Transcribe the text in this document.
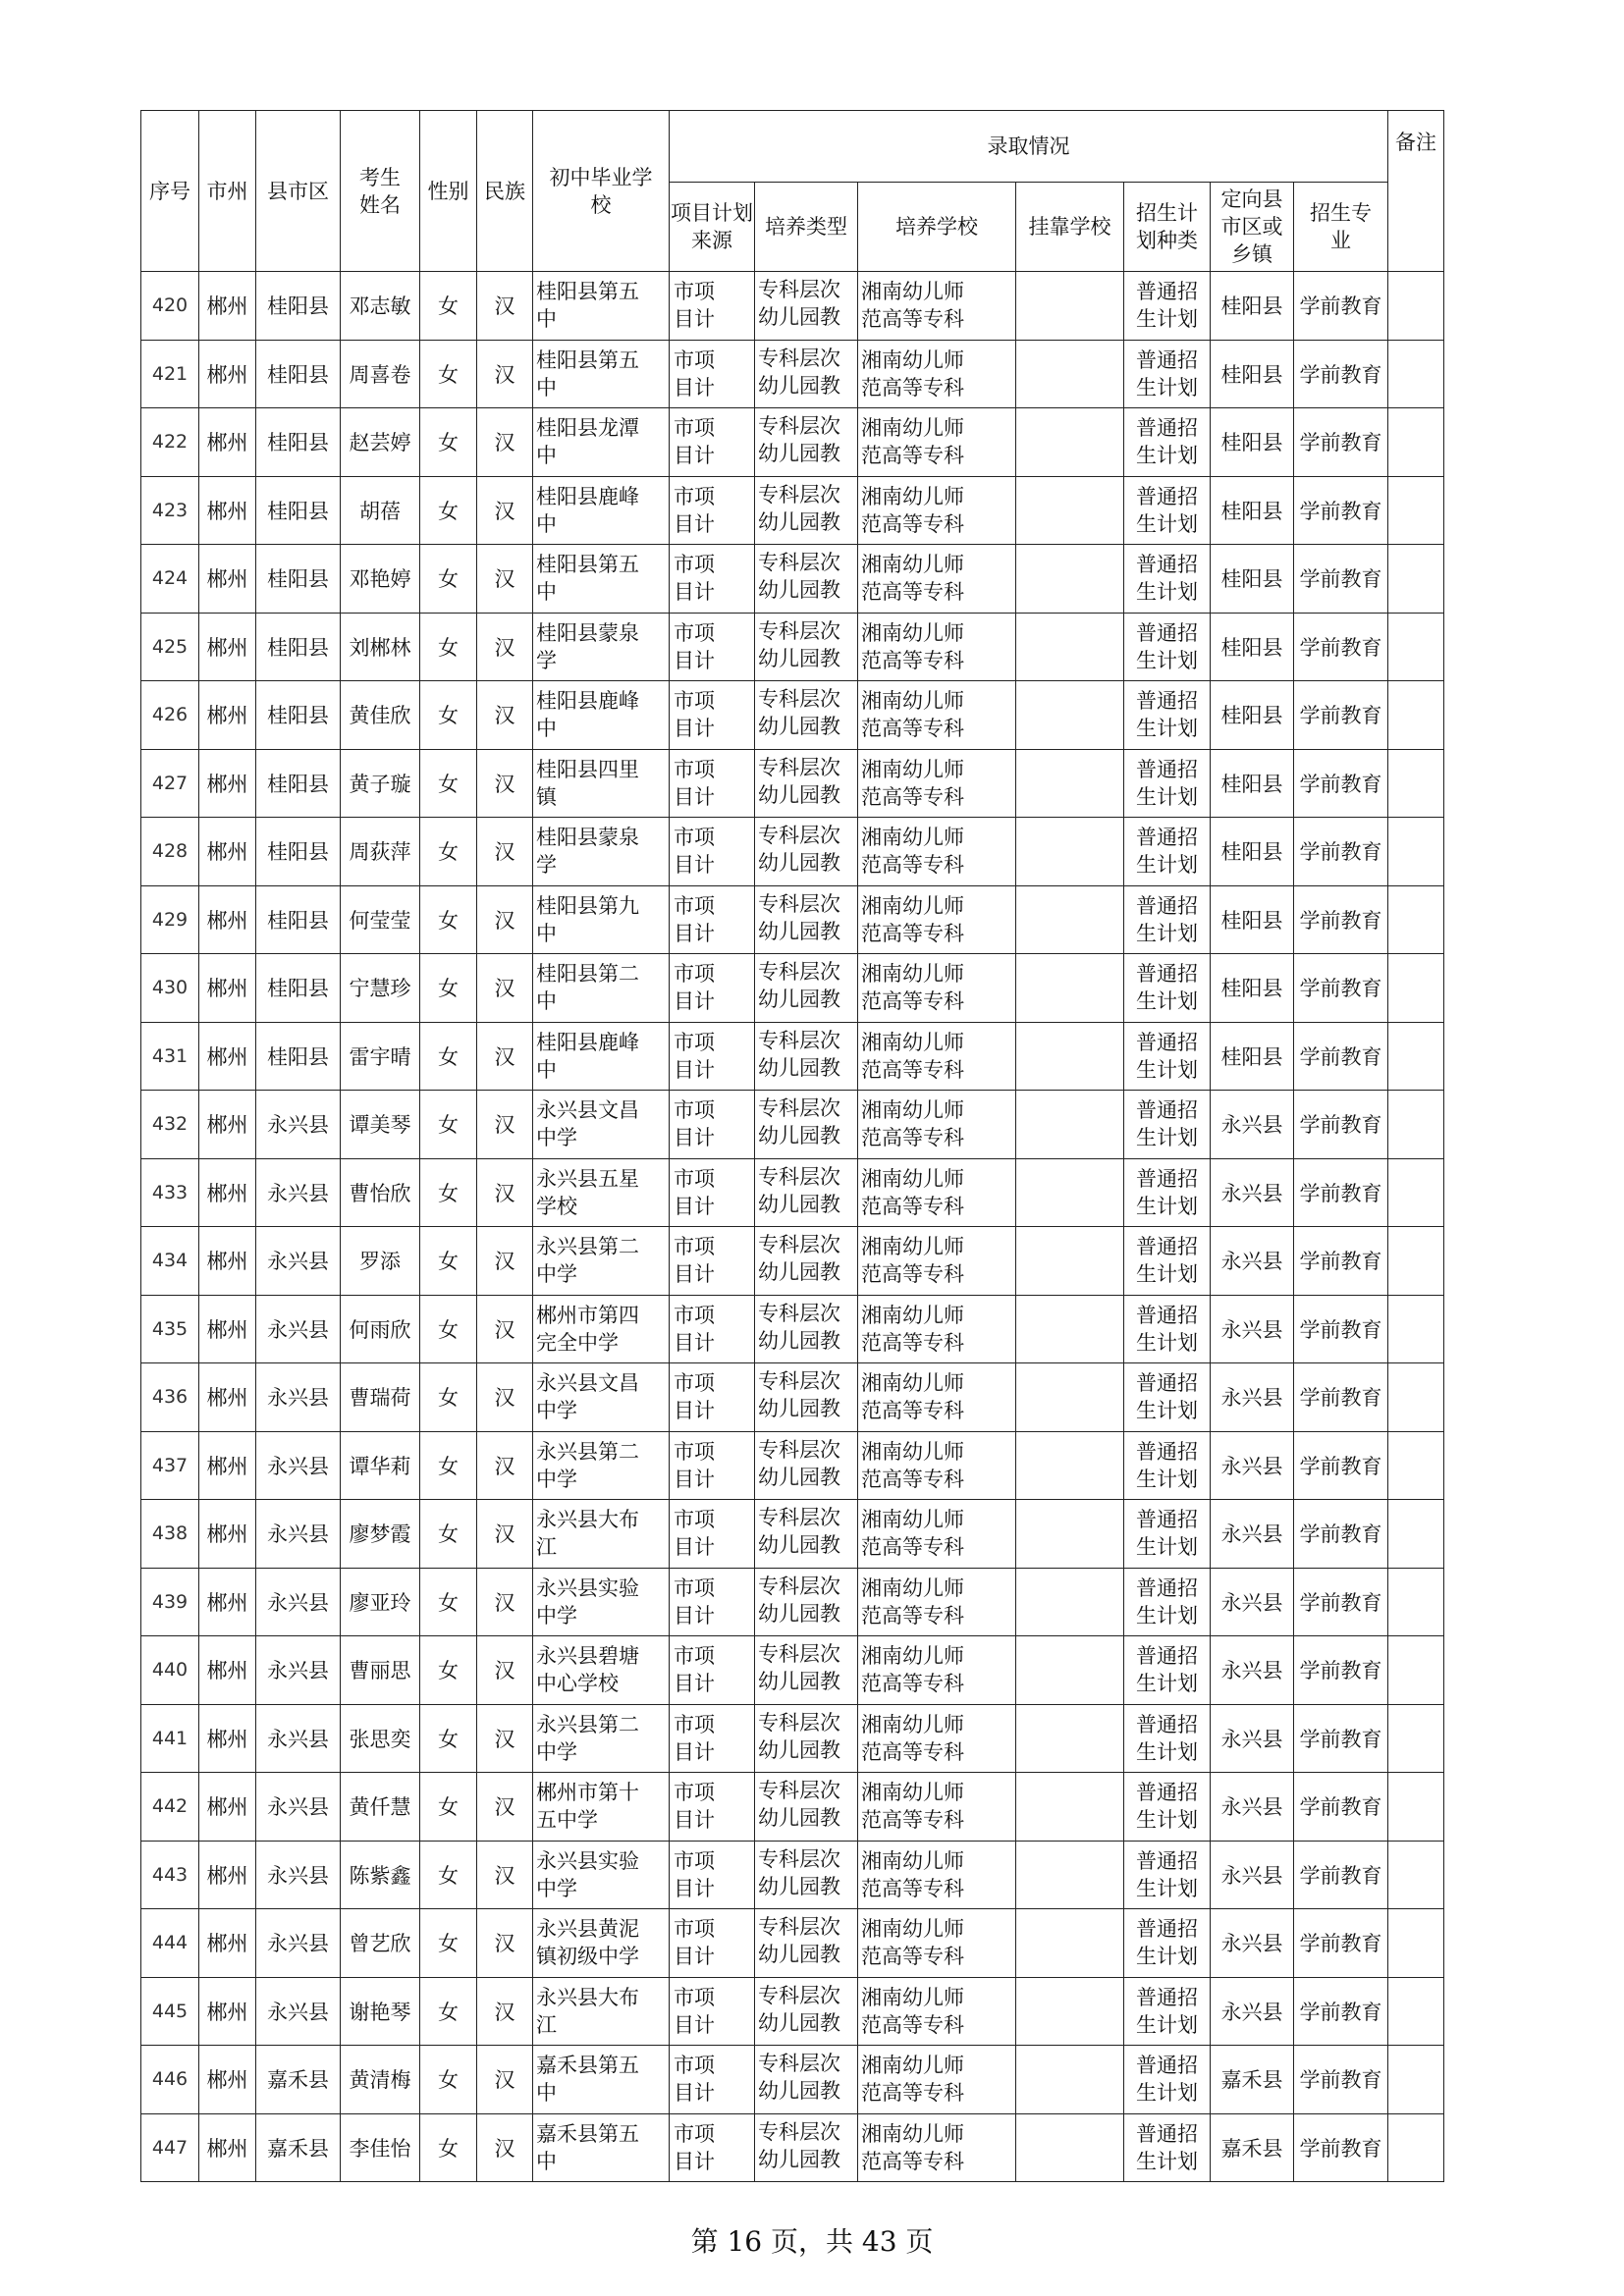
序号	市州	县市区	考生姓名	性别	民族	初中毕业学校	录取情况							备注

							项目计划来源	培养类型	培养学校	挂靠学校	招生计划种类	定向县市区或乡镇	招生专业	

420	郴州	桂阳县	邓志敏	女	汉	桂阳县第五中	市项目计	专科层次幼儿园教	湘南幼儿师范高等专科		普通招生计划	桂阳县	学前教育	
421	郴州	桂阳县	周喜卷	女	汉	桂阳县第五中	市项目计	专科层次幼儿园教	湘南幼儿师范高等专科		普通招生计划	桂阳县	学前教育	
422	郴州	桂阳县	赵芸婷	女	汉	桂阳县龙潭中	市项目计	专科层次幼儿园教	湘南幼儿师范高等专科		普通招生计划	桂阳县	学前教育	
423	郴州	桂阳县	胡蓓	女	汉	桂阳县鹿峰中	市项目计	专科层次幼儿园教	湘南幼儿师范高等专科		普通招生计划	桂阳县	学前教育	
424	郴州	桂阳县	邓艳婷	女	汉	桂阳县第五中	市项目计	专科层次幼儿园教	湘南幼儿师范高等专科		普通招生计划	桂阳县	学前教育	
425	郴州	桂阳县	刘郴林	女	汉	桂阳县蒙泉学	市项目计	专科层次幼儿园教	湘南幼儿师范高等专科		普通招生计划	桂阳县	学前教育	
426	郴州	桂阳县	黄佳欣	女	汉	桂阳县鹿峰中	市项目计	专科层次幼儿园教	湘南幼儿师范高等专科		普通招生计划	桂阳县	学前教育	
427	郴州	桂阳县	黄子璇	女	汉	桂阳县四里镇	市项目计	专科层次幼儿园教	湘南幼儿师范高等专科		普通招生计划	桂阳县	学前教育	
428	郴州	桂阳县	周荻萍	女	汉	桂阳县蒙泉学	市项目计	专科层次幼儿园教	湘南幼儿师范高等专科		普通招生计划	桂阳县	学前教育	
429	郴州	桂阳县	何莹莹	女	汉	桂阳县第九中	市项目计	专科层次幼儿园教	湘南幼儿师范高等专科		普通招生计划	桂阳县	学前教育	
430	郴州	桂阳县	宁慧珍	女	汉	桂阳县第二中	市项目计	专科层次幼儿园教	湘南幼儿师范高等专科		普通招生计划	桂阳县	学前教育	
431	郴州	桂阳县	雷宇晴	女	汉	桂阳县鹿峰中	市项目计	专科层次幼儿园教	湘南幼儿师范高等专科		普通招生计划	桂阳县	学前教育	
432	郴州	永兴县	谭美琴	女	汉	永兴县文昌中学	市项目计	专科层次幼儿园教	湘南幼儿师范高等专科		普通招生计划	永兴县	学前教育	
433	郴州	永兴县	曹怡欣	女	汉	永兴县五星学校	市项目计	专科层次幼儿园教	湘南幼儿师范高等专科		普通招生计划	永兴县	学前教育	
434	郴州	永兴县	罗添	女	汉	永兴县第二中学	市项目计	专科层次幼儿园教	湘南幼儿师范高等专科		普通招生计划	永兴县	学前教育	
435	郴州	永兴县	何雨欣	女	汉	郴州市第四完全中学	市项目计	专科层次幼儿园教	湘南幼儿师范高等专科		普通招生计划	永兴县	学前教育	
436	郴州	永兴县	曹瑞荷	女	汉	永兴县文昌中学	市项目计	专科层次幼儿园教	湘南幼儿师范高等专科		普通招生计划	永兴县	学前教育	
437	郴州	永兴县	谭华莉	女	汉	永兴县第二中学	市项目计	专科层次幼儿园教	湘南幼儿师范高等专科		普通招生计划	永兴县	学前教育	
438	郴州	永兴县	廖梦霞	女	汉	永兴县大布江	市项目计	专科层次幼儿园教	湘南幼儿师范高等专科		普通招生计划	永兴县	学前教育	
439	郴州	永兴县	廖亚玲	女	汉	永兴县实验中学	市项目计	专科层次幼儿园教	湘南幼儿师范高等专科		普通招生计划	永兴县	学前教育	
440	郴州	永兴县	曹丽思	女	汉	永兴县碧塘中心学校	市项目计	专科层次幼儿园教	湘南幼儿师范高等专科		普通招生计划	永兴县	学前教育	
441	郴州	永兴县	张思奕	女	汉	永兴县第二中学	市项目计	专科层次幼儿园教	湘南幼儿师范高等专科		普通招生计划	永兴县	学前教育	
442	郴州	永兴县	黄仟慧	女	汉	郴州市第十五中学	市项目计	专科层次幼儿园教	湘南幼儿师范高等专科		普通招生计划	永兴县	学前教育	
443	郴州	永兴县	陈紫鑫	女	汉	永兴县实验中学	市项目计	专科层次幼儿园教	湘南幼儿师范高等专科		普通招生计划	永兴县	学前教育	
444	郴州	永兴县	曾艺欣	女	汉	永兴县黄泥镇初级中学	市项目计	专科层次幼儿园教	湘南幼儿师范高等专科		普通招生计划	永兴县	学前教育	
445	郴州	永兴县	谢艳琴	女	汉	永兴县大布江	市项目计	专科层次幼儿园教	湘南幼儿师范高等专科		普通招生计划	永兴县	学前教育	
446	郴州	嘉禾县	黄清梅	女	汉	嘉禾县第五中	市项目计	专科层次幼儿园教	湘南幼儿师范高等专科		普通招生计划	嘉禾县	学前教育	
447	郴州	嘉禾县	李佳怡	女	汉	嘉禾县第五中	市项目计	专科层次幼儿园教	湘南幼儿师范高等专科		普通招生计划	嘉禾县	学前教育	
第 16 页，共 43 页
